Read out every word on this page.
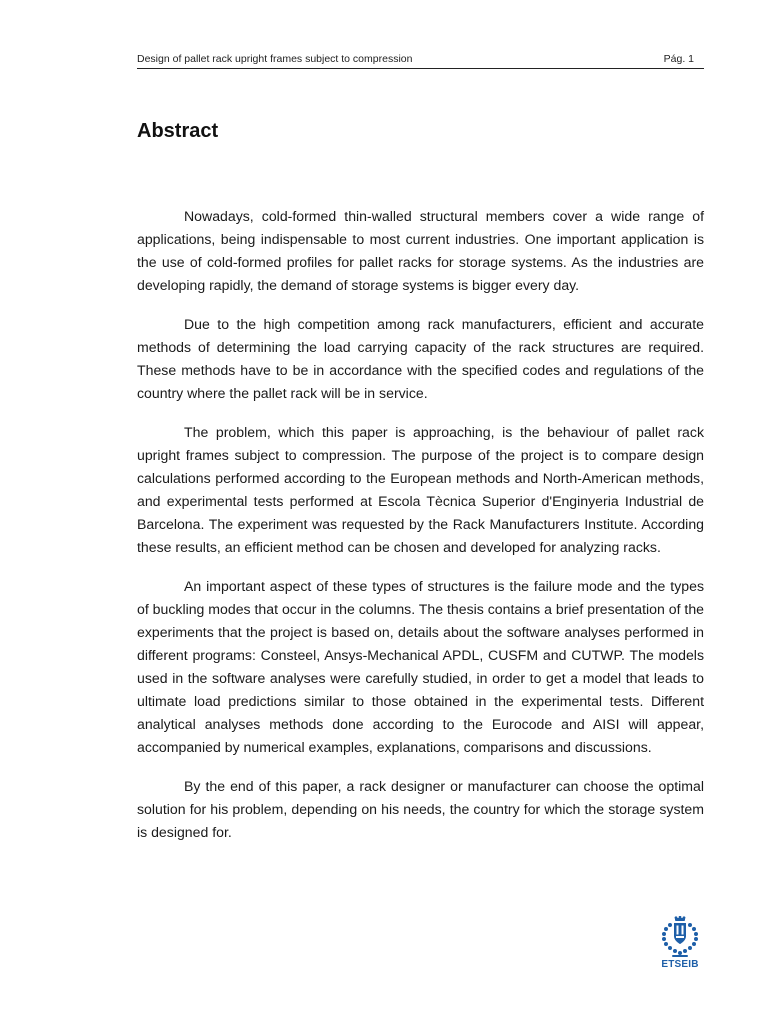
Design of pallet rack upright frames subject to compression	Pág. 1
Abstract

Nowadays, cold-formed thin-walled structural members cover a wide range of applications, being indispensable to most current industries. One important application is the use of cold-formed profiles for pallet racks for storage systems. As the industries are developing rapidly, the demand of storage systems is bigger every day.

Due to the high competition among rack manufacturers, efficient and accurate methods of determining the load carrying capacity of the rack structures are required. These methods have to be in accordance with the specified codes and regulations of the country where the pallet rack will be in service.

The problem, which this paper is approaching, is the behaviour of pallet rack upright frames subject to compression. The purpose of the project is to compare design calculations performed according to the European methods and North-American methods, and experimental tests performed at Escola Tècnica Superior d'Enginyeria Industrial de Barcelona. The experiment was requested by the Rack Manufacturers Institute. According these results, an efficient method can be chosen and developed for analyzing racks.

An important aspect of these types of structures is the failure mode and the types of buckling modes that occur in the columns. The thesis contains a brief presentation of the experiments that the project is based on, details about the software analyses performed in different programs: Consteel, Ansys-Mechanical APDL, CUSFM and CUTWP. The models used in the software analyses were carefully studied, in order to get a model that leads to ultimate load predictions similar to those obtained in the experimental tests. Different analytical analyses methods done according to the Eurocode and AISI will appear, accompanied by numerical examples, explanations, comparisons and discussions.

By the end of this paper, a rack designer or manufacturer can choose the optimal solution for his problem, depending on his needs, the country for which the storage system is designed for.

ETSEIB
